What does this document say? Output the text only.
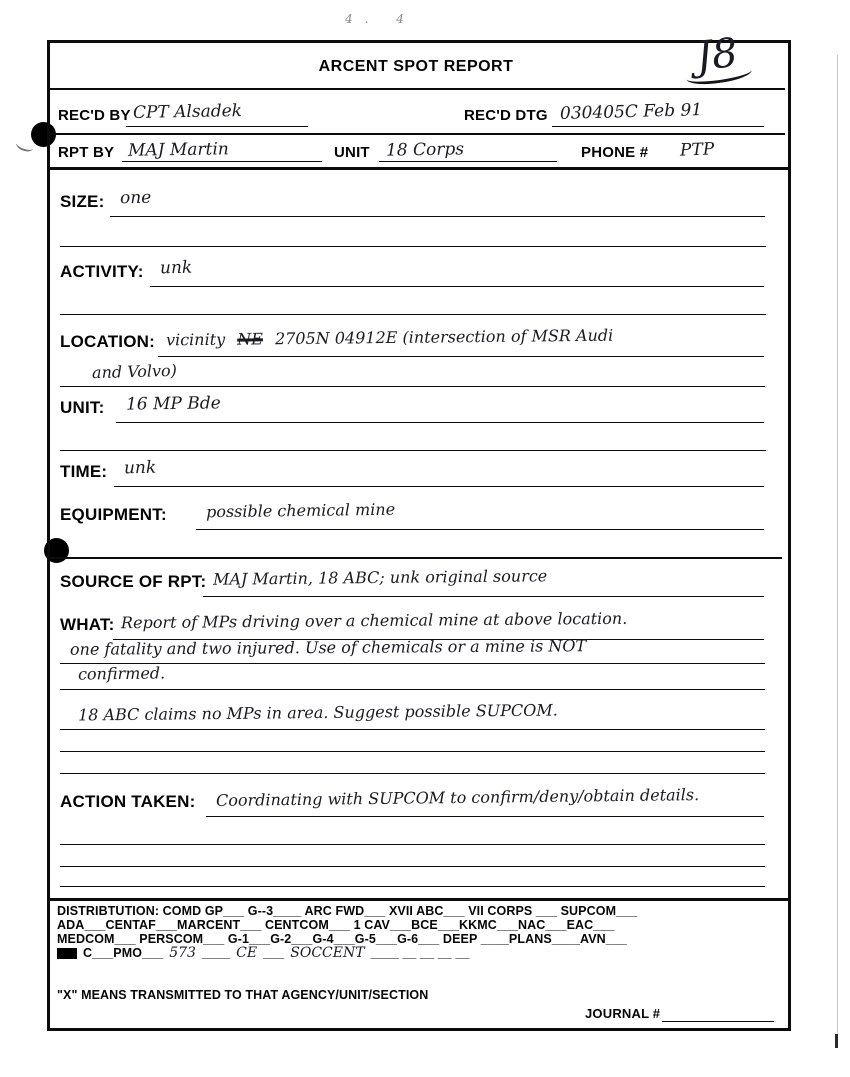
4. 4
ARCENT SPOT REPORT	J8
REC'D BY CPT Alsadek	REC'D DTG 030405C Feb 91
RPT BY MAJ Martin	UNIT 18 Corps	PHONE # PTP
SIZE: one
ACTIVITY: unk
LOCATION: vicinity NE 2705N 04912E (intersection of MSR Audi
and Volvo)
UNIT: 16 MP Bde
TIME: unk
EQUIPMENT: possible chemical mine
SOURCE OF RPT: MAJ Martin, 18 ABC; unk original source
WHAT: Report of MPs driving over a chemical mine at above location.
one fatality and two injured. Use of chemicals or a mine is NOT
confirmed.
18 ABC claims no MPs in area. Suggest possible SUPCOM.
ACTION TAKEN: Coordinating with SUPCOM to confirm/deny/obtain details.
DISTRIBTUTION: COMD GP___ G--3____ ARC FWD___ XVII ABC___ VII CORPS ___ SUPCOM___
ADA___CENTAF___MARCENT___ CENTCOM___ 1 CAV___BCE___KKMC___NAC___EAC___
MEDCOM___ PERSCOM___ G-1___G-2___G-4___G-5___G-6___ DEEP ____PLANS____AVN___
C___PMO___ 573 ____ CE ___ SOCCENT ____ __ __ __ __
"X" MEANS TRANSMITTED TO THAT AGENCY/UNIT/SECTION
JOURNAL #
